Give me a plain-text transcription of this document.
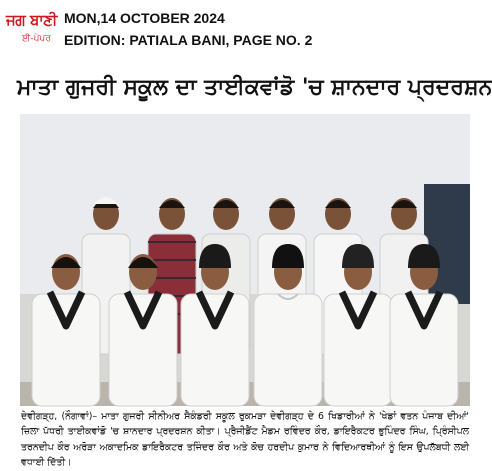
ਜਗ ਬਾਣੀ
ਈ-ਪੇਪਰ
MON,14 OCTOBER 2024
EDITION: PATIALA BANI, PAGE NO. 2
ਮਾਤਾ ਗੁਜਰੀ ਸਕੂਲ ਦਾ ਤਾਈਕਵਾਂਡੋ 'ਚ ਸ਼ਾਨਦਾਰ ਪ੍ਰਦਰਸ਼ਨ
ਦੇਵੀਗੜ੍ਹ, (ਨੌਗਾਵਾਂ)– ਮਾਤਾ ਗੁਜਰੀ ਸੀਨੀਅਰ ਸੈਕੰਡਰੀ ਸਕੂਲ ਰੁਕਮੜਾ ਦੇਵੀਗੜ੍ਹ ਦੇ 6 ਖਿਡਾਰੀਆਂ ਨੇ 'ਖੇਡਾਂ ਵਤਨ ਪੰਜਾਬ ਦੀਆਂ' ਜ਼ਿਲਾ ਪੱਧਰੀ ਤਾਈਕਵਾਂਡੋ 'ਚ ਸ਼ਾਨਦਾਰ ਪ੍ਰਦਰਸ਼ਨ ਕੀਤਾ। ਪ੍ਰੈਜੀਡੈਂਟ ਮੈਡਮ ਰਵਿੰਦਰ ਕੌਰ, ਡਾਇਰੈਕਟਰ ਭੁਪਿੰਦਰ ਸਿੰਘ, ਪ੍ਰਿੰਸੀਪਲ ਤਰਨਦੀਪ ਕੌਰ ਅਰੋੜਾ ਅਕਾਦਮਿਕ ਡਾਇਰੈਕਟਰ ਤਜਿੰਦਰ ਕੌਰ ਅਤੇ ਕੋਚ ਹਰਦੀਪ ਕੁਮਾਰ ਨੇ ਵਿਦਿਆਰਥੀਆਂ ਨੂੰ ਇਸ ਉਪਲੱਬਧੀ ਲਈ ਵਧਾਈ ਦਿੱਤੀ।
